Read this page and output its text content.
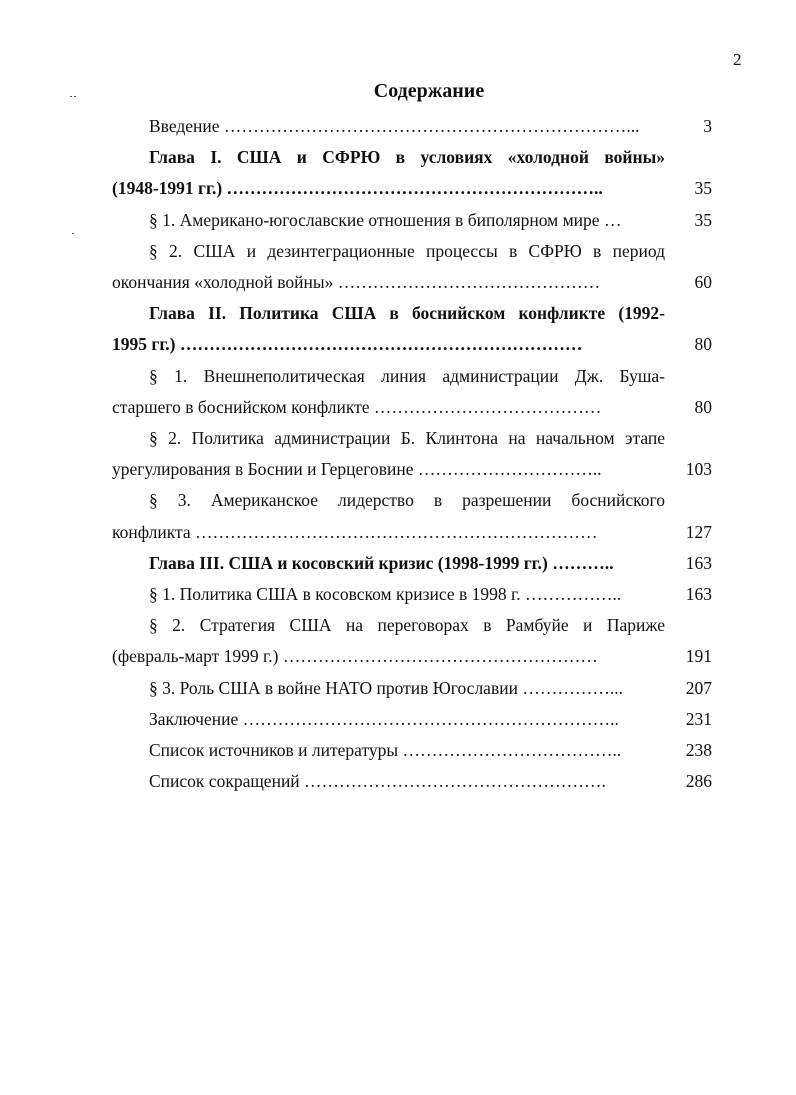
2
Содержание
Введение ……………………………………………………………...	3
Глава I. США и СФРЮ в условиях «холодной войны»
(1948-1991 гг.) ………………………………………………………..	35
§ 1. Американо-югославские отношения в биполярном мире …	35
§ 2. США и дезинтеграционные процессы в СФРЮ в период
окончания «холодной войны» ………………………………………	60
Глава II. Политика США в боснийском конфликте (1992-
1995 гг.) ……………………………………………………………	80
§ 1. Внешнеполитическая линия администрации Дж. Буша-
старшего в боснийском конфликте …………………………………	80
§ 2. Политика администрации Б. Клинтона на начальном этапе
урегулирования в Боснии и Герцеговине …………………………..	103
§ 3. Американское лидерство в разрешении боснийского
конфликта ……………………………………………………………	127
Глава III. США и косовский кризис (1998-1999 гг.) ………..	163
§ 1. Политика США в косовском кризисе в 1998 г. ……………..	163
§ 2. Стратегия США на переговорах в Рамбуйе и Париже
(февраль-март 1999 г.) ………………………………………………	191
§ 3. Роль США в войне НАТО против Югославии ……………...	207
Заключение ………………………………………………………..	231
Список источников и литературы ………………………………..	238
Список сокращений …………………………………………….	286
